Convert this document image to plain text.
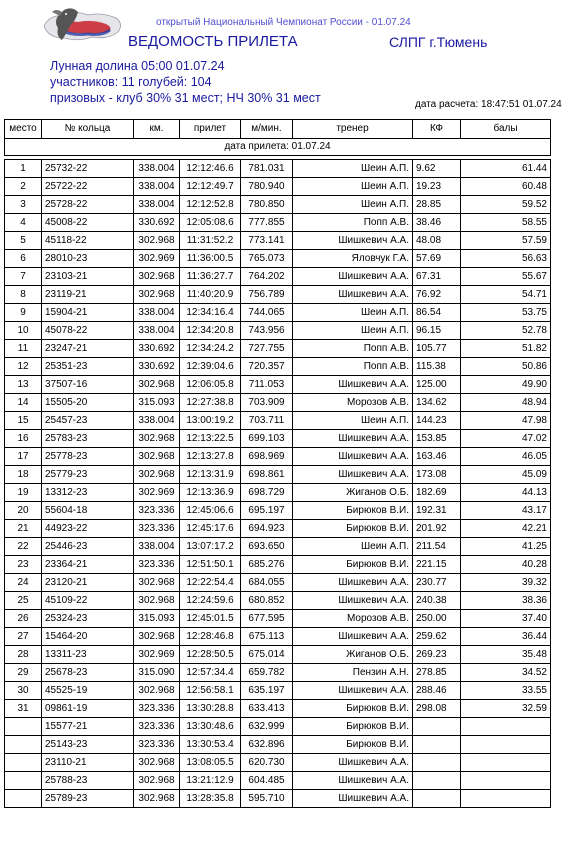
открытый Национальный Чемпионат России - 01.07.24
ВЕДОМОСТЬ ПРИЛЕТА	СЛПГ г.Тюмень
Лунная долина 05:00 01.07.24
участников: 11 голубей: 104
призовых - клуб 30% 31 мест; НЧ 30% 31 мест	дата расчета: 18:47:51 01.07.24
место	№ кольца	км.	прилет	м/мин.	тренер	КФ	балы
дата прилета: 01.07.24							

1	25732-22	338.004	12:12:46.6	781.031	Шеин А.П.	9.62	61.44
2	25722-22	338.004	12:12:49.7	780.940	Шеин А.П.	19.23	60.48
3	25728-22	338.004	12:12:52.8	780.850	Шеин А.П.	28.85	59.52
4	45008-22	330.692	12:05:08.6	777.855	Попп А.В.	38.46	58.55
5	45118-22	302.968	11:31:52.2	773.141	Шишкевич А.А.	48.08	57.59
6	28010-23	302.969	11:36:00.5	765.073	Яловчук Г.А.	57.69	56.63
7	23103-21	302.968	11:36:27.7	764.202	Шишкевич А.А.	67.31	55.67
8	23119-21	302.968	11:40:20.9	756.789	Шишкевич А.А.	76.92	54.71
9	15904-21	338.004	12:34:16.4	744.065	Шеин А.П.	86.54	53.75
10	45078-22	338.004	12:34:20.8	743.956	Шеин А.П.	96.15	52.78
11	23247-21	330.692	12:34:24.2	727.755	Попп А.В.	105.77	51.82
12	25351-23	330.692	12:39:04.6	720.357	Попп А.В.	115.38	50.86
13	37507-16	302.968	12:06:05.8	711.053	Шишкевич А.А.	125.00	49.90
14	15505-20	315.093	12:27:38.8	703.909	Морозов А.В.	134.62	48.94
15	25457-23	338.004	13:00:19.2	703.711	Шеин А.П.	144.23	47.98
16	25783-23	302.968	12:13:22.5	699.103	Шишкевич А.А.	153.85	47.02
17	25778-23	302.968	12:13:27.8	698.969	Шишкевич А.А.	163.46	46.05
18	25779-23	302.968	12:13:31.9	698.861	Шишкевич А.А.	173.08	45.09
19	13312-23	302.969	12:13:36.9	698.729	Жиганов О.Б.	182.69	44.13
20	55604-18	323.336	12:45:06.6	695.197	Бирюков В.И.	192.31	43.17
21	44923-22	323.336	12:45:17.6	694.923	Бирюков В.И.	201.92	42.21
22	25446-23	338.004	13:07:17.2	693.650	Шеин А.П.	211.54	41.25
23	23364-21	323.336	12:51:50.1	685.276	Бирюков В.И.	221.15	40.28
24	23120-21	302.968	12:22:54.4	684.055	Шишкевич А.А.	230.77	39.32
25	45109-22	302.968	12:24:59.6	680.852	Шишкевич А.А.	240.38	38.36
26	25324-23	315.093	12:45:01.5	677.595	Морозов А.В.	250.00	37.40
27	15464-20	302.968	12:28:46.8	675.113	Шишкевич А.А.	259.62	36.44
28	13311-23	302.969	12:28:50.5	675.014	Жиганов О.Б.	269.23	35.48
29	25678-23	315.090	12:57:34.4	659.782	Пензин А.Н.	278.85	34.52
30	45525-19	302.968	12:56:58.1	635.197	Шишкевич А.А.	288.46	33.55
31	09861-19	323.336	13:30:28.8	633.413	Бирюков В.И.	298.08	32.59
	15577-21	323.336	13:30:48.6	632.999	Бирюков В.И.		
	25143-23	323.336	13:30:53.4	632.896	Бирюков В.И.		
	23110-21	302.968	13:08:05.5	620.730	Шишкевич А.А.		
	25788-23	302.968	13:21:12.9	604.485	Шишкевич А.А.		
	25789-23	302.968	13:28:35.8	595.710	Шишкевич А.А.		
